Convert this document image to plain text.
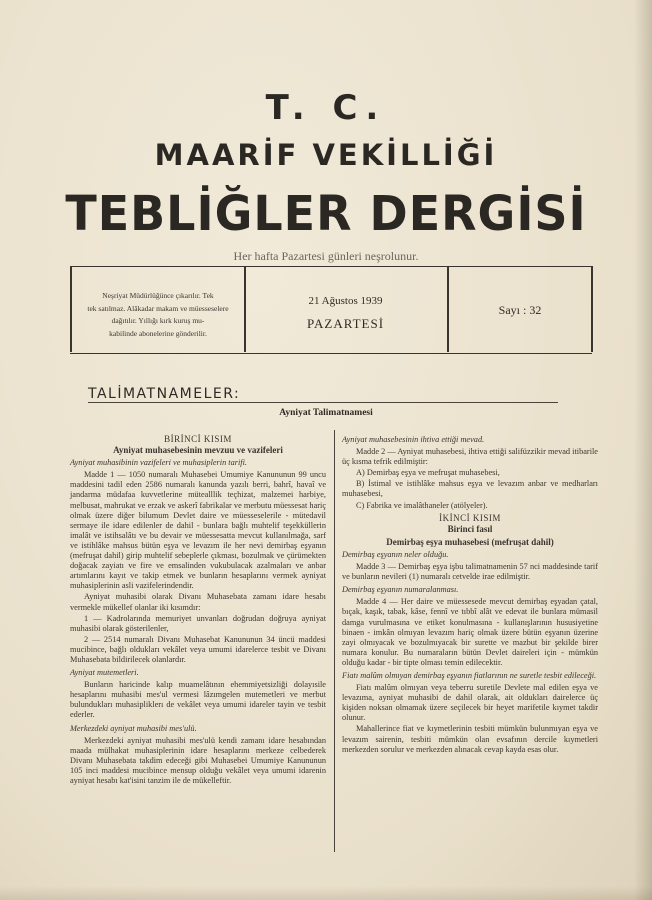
T. C.
MAARİF VEKİLLİĞİ
TEBLİĞLER DERGİSİ
Her hafta Pazartesi günleri neşrolunur.
Neşriyat Müdürlüğünce çıkarılır. Tek
tek satılmaz. Alâkadar makam ve müesseselere dağıtılır. Yıllığı kırk kuruş mu-
kabilinde abonelerine gönderilir.
21 Ağustos 1939
PAZARTESİ
Sayı : 32
TALİMATNAMELER:
Ayniyat Talimatnamesi

BİRİNCİ KISIM

Ayniyat muhasebesinin mevzuu ve vazifeleri

Ayniyat muhasibinin vazifeleri ve muhasiplerin tarifi.

Madde 1 — 1050 numaralı Muhasebei Umumiye Kanununun 99 uncu maddesini tadil eden 2586 numaralı kanunda yazılı berri, bahrî, havaî ve jandarma müdafaa kuvvetlerine mütealllik teçhizat, malzemei harbiye, melbusat, mahrukat ve erzak ve askerî fabrikalar ve merbutu müessesat hariç olmak üzere diğer bilumum Devlet daire ve müesseselerile - mütedavil sermaye ile idare edilenler de dahil - bunlara bağlı muhtelif teşekküllerin imalât ve istihsalâtı ve bu devair ve müessesatta mevcut kullanılmağa, sarf ve istihlâke mahsus bütün eşya ve levazım ile her nevi demirbaş eşyanın (mefruşat dahil) girip muhtelif sebeplerle çıkması, bozulmak ve çürümekten doğacak zayiatı ve fire ve emsalinden vukubulacak azalmaları ve anbar artımlarını kayıt ve takip etmek ve bunların hesaplarını vermek ayniyat muhasiplerinin asli vazifelerindendir.

Ayniyat muhasibi olarak Divanı Muhasebata zamanı idare hesabı vermekle mükellef olanlar iki kısımdır:

1 — Kadrolarında memuriyet unvanları doğrudan doğruya ayniyat muhasibi olarak gösterilenler,

2 — 2514 numaralı Divanı Muhasebat Kanununun 34 üncü maddesi mucibince, bağlı oldukları vekâlet veya umumi idarelerce tesbit ve Divanı Muhasebata bildirilecek olanlardır.

Ayniyat mutemetleri.

Bunların haricinde kalıp muamelâtının ehemmiyetsizliği dolayısile hesaplarını muhasibi mes'ul vermesi lâzımgelen mutemetleri ve merbut bulundukları muhasipliklerı de vekâlet veya umumi idareler tayin ve tesbit ederler.

Merkezdeki ayniyat muhasibi mes'ulü.

Merkezdeki ayniyat muhasibi mes'ulü kendi zamanı idare hesabından maada mülhakat muhasiplerinin idare hesaplarını merkeze celbederek Divanı Muhasebata takdim edeceği gibi Muhasebei Umumiye Kanununun 105 inci maddesi mucibince mensup olduğu vekâlet veya umumi idarenin ayniyat hesabı kat'isini tanzim ile de mükelleftir.

Ayniyat muhasebesinin ihtiva ettiği mevad.

Madde 2 — Ayniyat muhasebesi, ihtiva ettiği salifüzzikir mevad itibarile üç kısma tefrik edilmiştir:

A) Demirbaş eşya ve mefruşat muhasebesi,

B) İstimal ve istihlâke mahsus eşya ve levazım anbar ve medharları muhasebesi,

C) Fabrika ve imalâthaneler (atölyeler).

İKİNCİ KISIM

Birinci fasıl

Demirbaş eşya muhasebesi (mefruşat dahil)

Demirbaş eşyanın neler olduğu.

Madde 3 — Demirbaş eşya işbu talimatnamenin 57 nci maddesinde tarif ve bunların nevileri (1) numaralı cetvelde irae edilmiştir.

Demirbaş eşyanın numaralanması.

Madde 4 — Her daire ve müessesede mevcut demirbaş eşyadan çatal, bıçak, kaşık, tabak, kâse, fennî ve tıbbî alât ve edevat ile bunlara mümasil damga vurulmasına ve etiket konulmasına - kullanışlarının hususiyetine binaen - imkân olmıyan levazım hariç olmak üzere bütün eşyanın üzerine zayi olmıyacak ve bozulmıyacak bir surette ve mazbut bir şekilde birer numara konulur. Bu numaraların bütün Devlet daireleri için - mümkün olduğu kadar - bir tipte olması temin edilecektir.

Fiatı malûm olmıyan demirbaş eşyanın fiatlarının ne suretle tesbit edileceği.

Fiatı malûm olmıyan veya teberru suretile Devlete mal edilen eşya ve levazıma, ayniyat muhasibi de dahil olarak, ait oldukları dairelerce üç kişiden noksan olmamak üzere seçilecek bir heyet marifetile kıymet takdir olunur.

Mahallerince fiat ve kıymetlerinin tesbiti mümkün bulunmıyan eşya ve levazım sairenin, tesbiti mümkün olan evsafının dercile kıymetleri merkezden sorulur ve merkezden alınacak cevap kayda esas olur.
